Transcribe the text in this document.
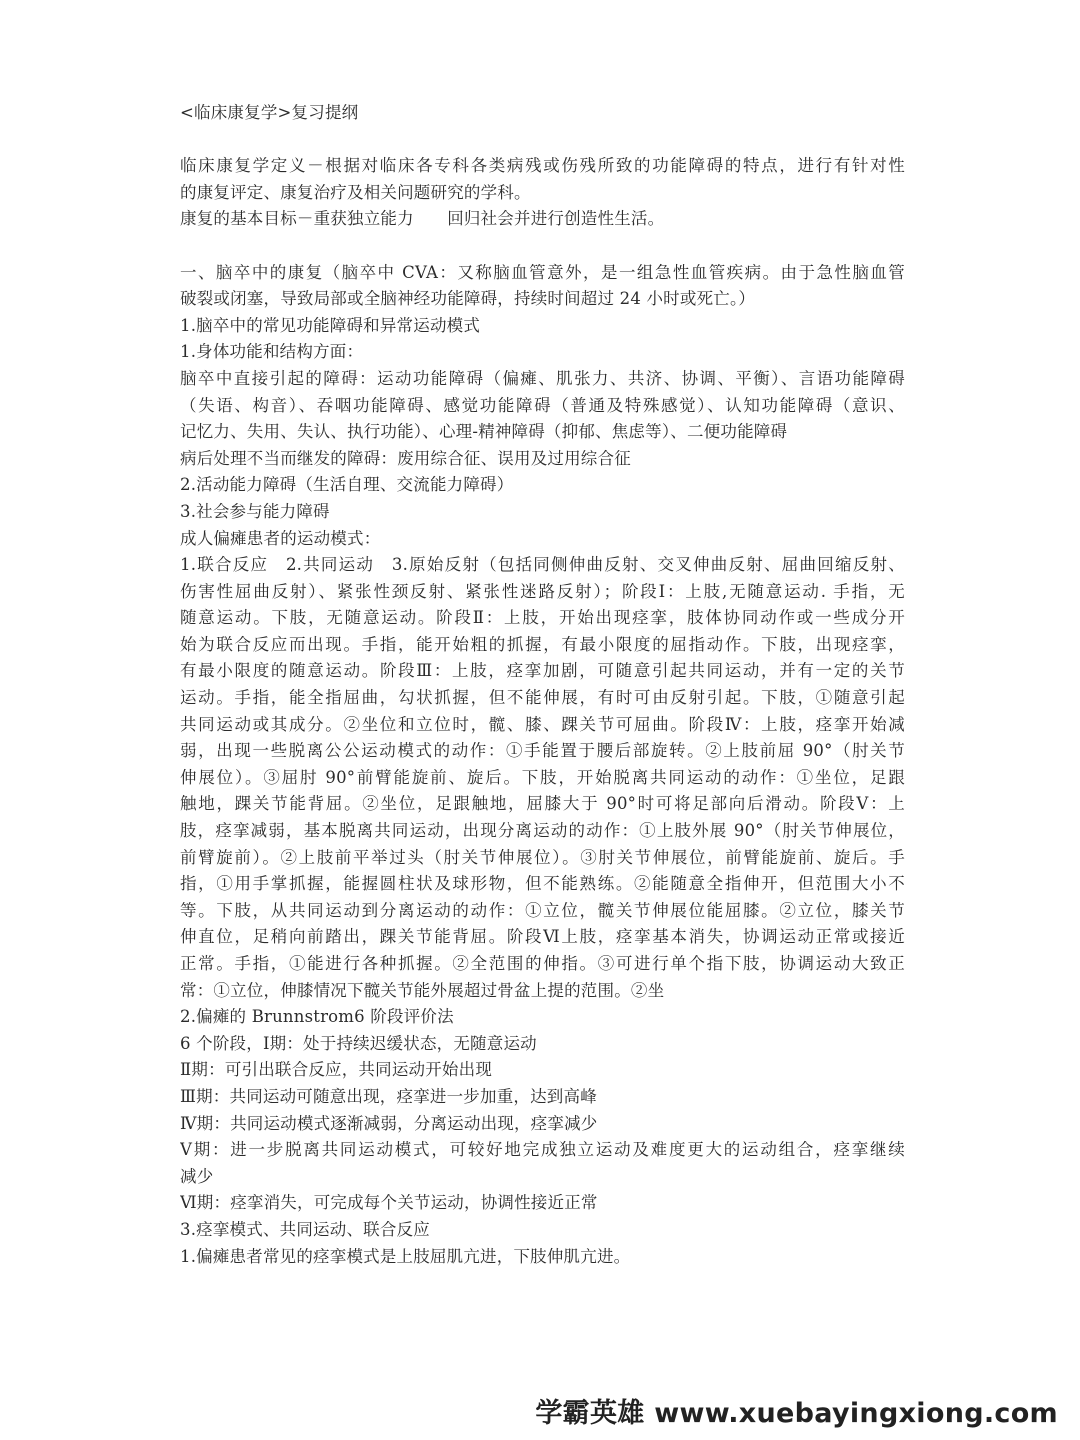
<临床康复学>复习提纲
临床康复学定义－根据对临床各专科各类病残或伤残所致的功能障碍的特点，进行有针对性
的康复评定、康复治疗及相关问题研究的学科。
康复的基本目标－重获独立能力　　回归社会并进行创造性生活。
一、脑卒中的康复（脑卒中 CVA：又称脑血管意外，是一组急性血管疾病。由于急性脑血管
破裂或闭塞，导致局部或全脑神经功能障碍，持续时间超过 24 小时或死亡。）
1.脑卒中的常见功能障碍和异常运动模式
1.身体功能和结构方面：
脑卒中直接引起的障碍：运动功能障碍（偏瘫、肌张力、共济、协调、平衡）、言语功能障碍
（失语、构音）、吞咽功能障碍、感觉功能障碍（普通及特殊感觉）、认知功能障碍（意识、
记忆力、失用、失认、执行功能）、心理-精神障碍（抑郁、焦虑等）、二便功能障碍
病后处理不当而继发的障碍：废用综合征、误用及过用综合征
2.活动能力障碍（生活自理、交流能力障碍）
3.社会参与能力障碍
成人偏瘫患者的运动模式：
1.联合反应　2.共同运动　3.原始反射（包括同侧伸曲反射、交叉伸曲反射、屈曲回缩反射、
伤害性屈曲反射）、紧张性颈反射、紧张性迷路反射）；阶段Ⅰ：上肢,无随意运动. 手指，无
随意运动。下肢，无随意运动。阶段Ⅱ：上肢，开始出现痉挛，肢体协同动作或一些成分开
始为联合反应而出现。手指，能开始粗的抓握，有最小限度的屈指动作。下肢，出现痉挛，
有最小限度的随意运动。阶段Ⅲ：上肢，痉挛加剧，可随意引起共同运动，并有一定的关节
运动。手指，能全指屈曲，勾状抓握，但不能伸展，有时可由反射引起。下肢，①随意引起
共同运动或其成分。②坐位和立位时，髋、膝、踝关节可屈曲。阶段Ⅳ：上肢，痉挛开始减
弱，出现一些脱离公公运动模式的动作：①手能置于腰后部旋转。②上肢前屈 90°（肘关节
伸展位）。③屈肘 90°前臂能旋前、旋后。下肢，开始脱离共同运动的动作：①坐位，足跟
触地，踝关节能背屈。②坐位，足跟触地，屈膝大于 90°时可将足部向后滑动。阶段Ⅴ：上
肢，痉挛减弱，基本脱离共同运动，出现分离运动的动作：①上肢外展 90°（肘关节伸展位，
前臂旋前）。②上肢前平举过头（肘关节伸展位）。③肘关节伸展位，前臂能旋前、旋后。手
指，①用手掌抓握，能握圆柱状及球形物，但不能熟练。②能随意全指伸开，但范围大小不
等。下肢，从共同运动到分离运动的动作：①立位，髋关节伸展位能屈膝。②立位，膝关节
伸直位，足稍向前踏出，踝关节能背屈。阶段Ⅵ上肢，痉挛基本消失，协调运动正常或接近
正常。手指，①能进行各种抓握。②全范围的伸指。③可进行单个指下肢，协调运动大致正
常：①立位，伸膝情况下髋关节能外展超过骨盆上提的范围。②坐
2.偏瘫的 Brunnstrom6 阶段评价法
6 个阶段，Ⅰ期：处于持续迟缓状态，无随意运动
Ⅱ期：可引出联合反应，共同运动开始出现
Ⅲ期：共同运动可随意出现，痉挛进一步加重，达到高峰
Ⅳ期：共同运动模式逐渐减弱，分离运动出现，痉挛减少
Ⅴ期：进一步脱离共同运动模式，可较好地完成独立运动及难度更大的运动组合，痉挛继续
减少
Ⅵ期：痉挛消失，可完成每个关节运动，协调性接近正常
3.痉挛模式、共同运动、联合反应
1.偏瘫患者常见的痉挛模式是上肢屈肌亢进，下肢伸肌亢进。
学霸英雄 www.xuebayingxiong.com
